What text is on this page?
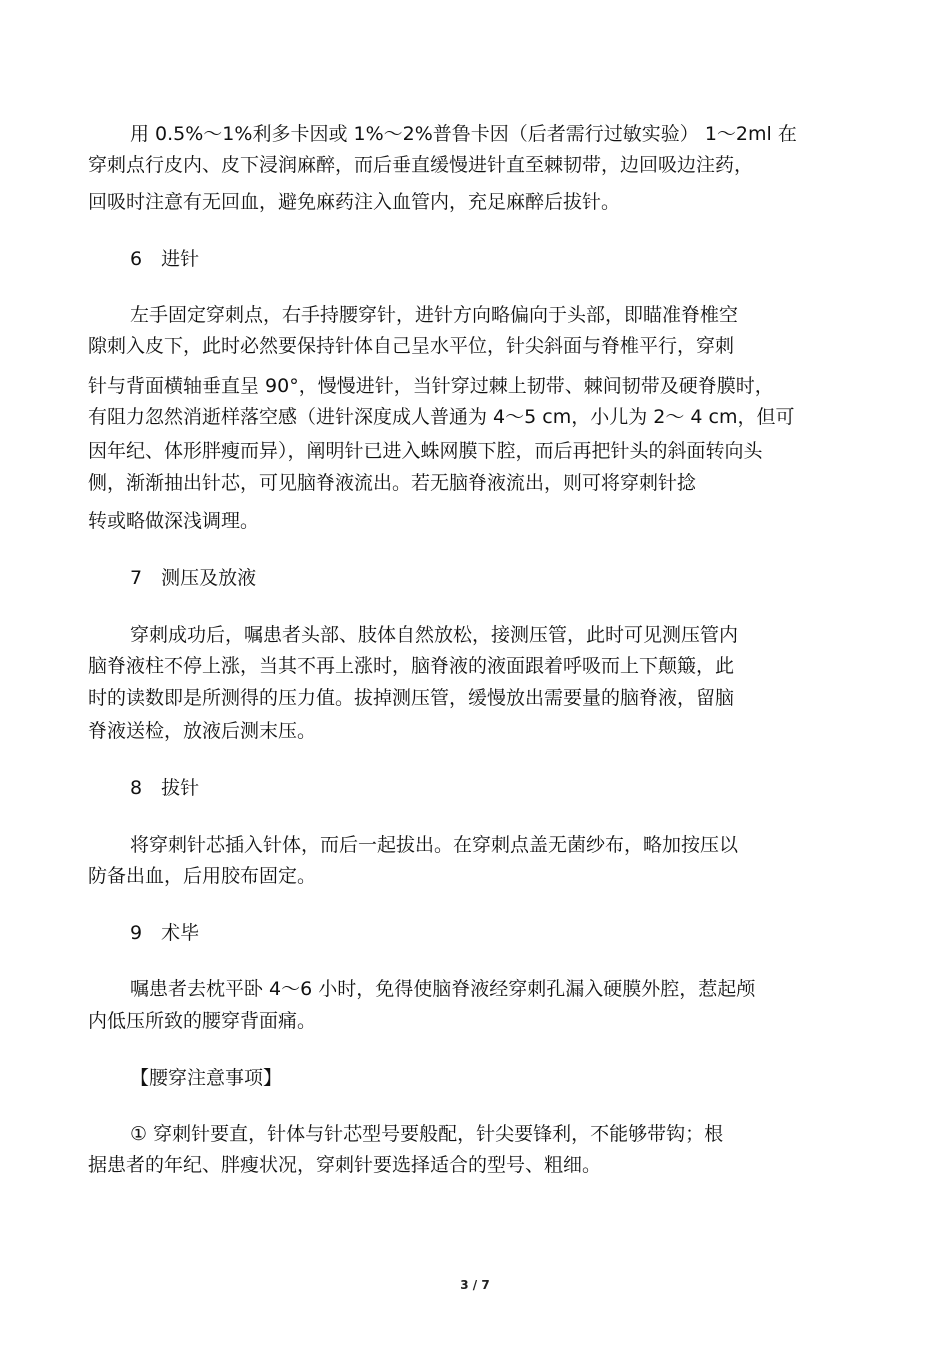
用 0.5%～1%利多卡因或 1%～2%普鲁卡因（后者需行过敏实验） 1～2ml 在
穿刺点行皮内、皮下浸润麻醉，而后垂直缓慢进针直至棘韧带，边回吸边注药，
回吸时注意有无回血，避免麻药注入血管内，充足麻醉后拔针。
6　进针
左手固定穿刺点，右手持腰穿针，进针方向略偏向于头部，即瞄准脊椎空
隙刺入皮下，此时必然要保持针体自己呈水平位，针尖斜面与脊椎平行，穿刺
针与背面横轴垂直呈 90°，慢慢进针，当针穿过棘上韧带、棘间韧带及硬脊膜时，
有阻力忽然消逝样落空感（进针深度成人普通为 4～5 cm，小儿为 2～ 4 cm，但可
因年纪、体形胖瘦而异），阐明针已进入蛛网膜下腔，而后再把针头的斜面转向头
侧，渐渐抽出针芯，可见脑脊液流出。若无脑脊液流出，则可将穿刺针捻
转或略做深浅调理。
7　测压及放液
穿刺成功后，嘱患者头部、肢体自然放松，接测压管，此时可见测压管内
脑脊液柱不停上涨，当其不再上涨时，脑脊液的液面跟着呼吸而上下颠簸，此
时的读数即是所测得的压力值。拔掉测压管，缓慢放出需要量的脑脊液，留脑
脊液送检，放液后测末压。
8　拔针
将穿刺针芯插入针体，而后一起拔出。在穿刺点盖无菌纱布，略加按压以
防备出血，后用胶布固定。
9　术毕
嘱患者去枕平卧 4～6 小时，免得使脑脊液经穿刺孔漏入硬膜外腔，惹起颅
内低压所致的腰穿背面痛。
【腰穿注意事项】
① 穿刺针要直，针体与针芯型号要般配，针尖要锋利，不能够带钩；根
据患者的年纪、胖瘦状况，穿刺针要选择适合的型号、粗细。
3 / 7
